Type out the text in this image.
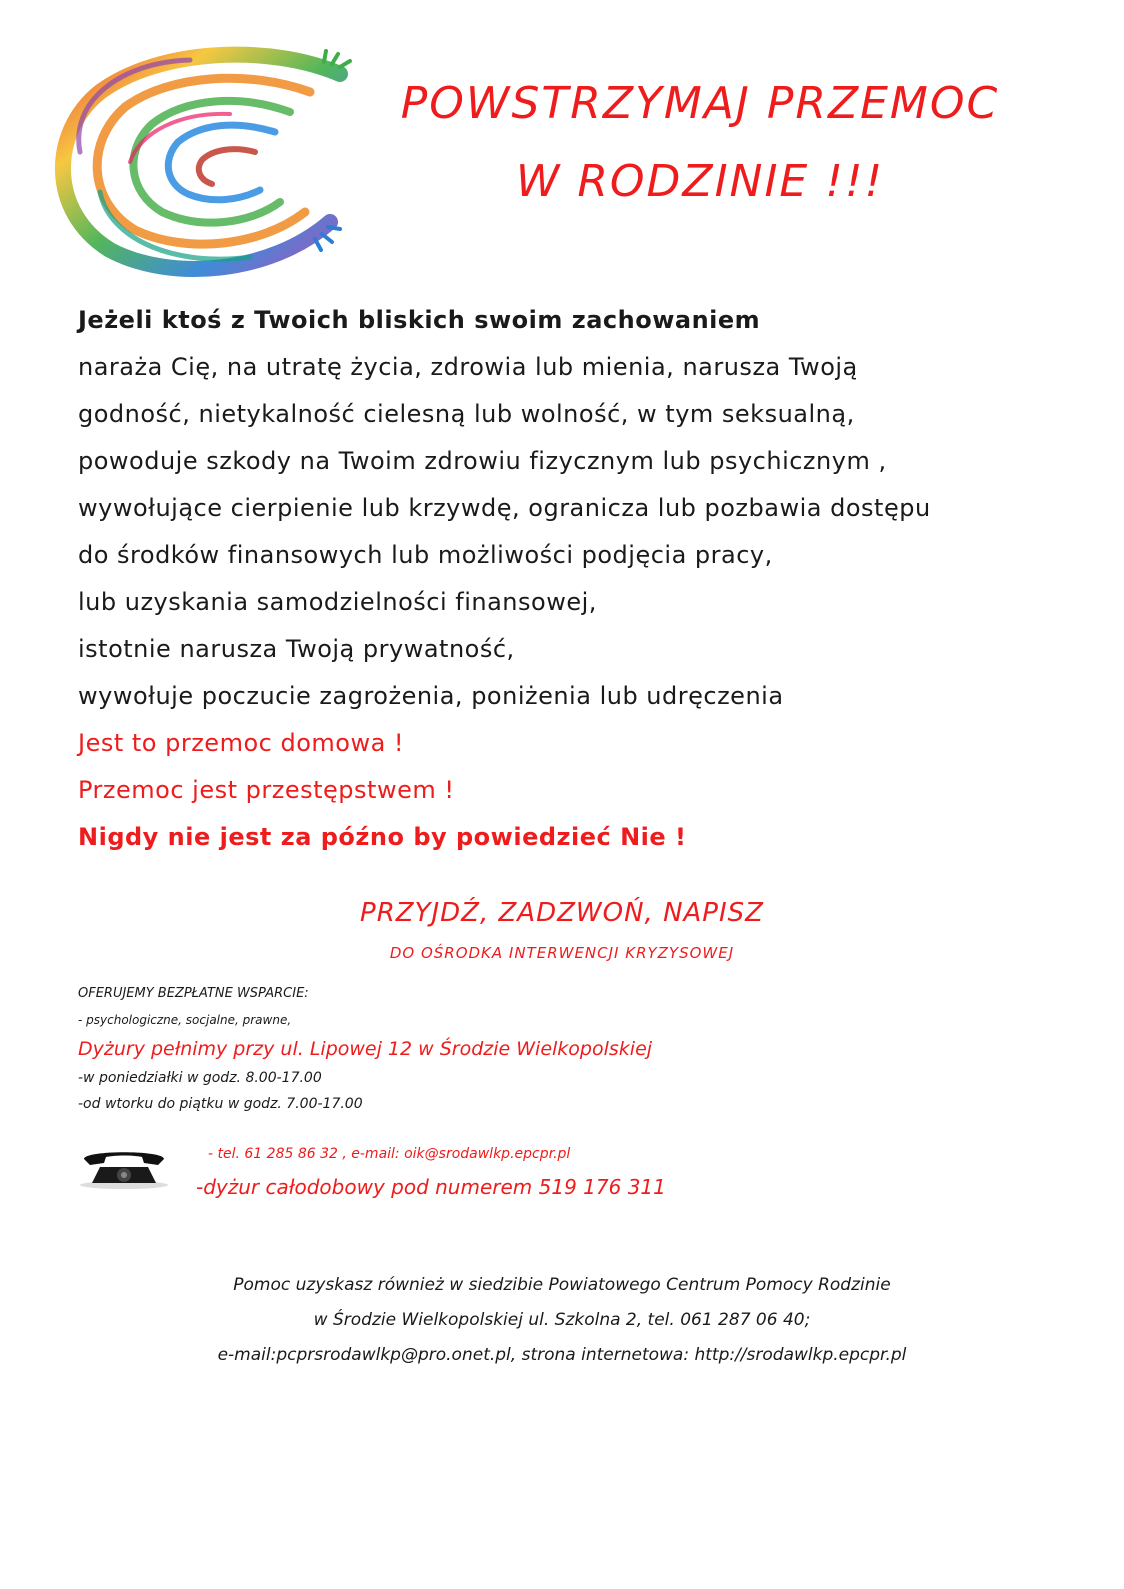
POWSTRZYMAJ PRZEMOC
W RODZINIE !!!
Jeżeli ktoś z Twoich bliskich swoim zachowaniem
naraża Cię, na utratę życia, zdrowia lub mienia, narusza Twoją
godność, nietykalność cielesną lub wolność, w tym seksualną,
powoduje szkody na Twoim zdrowiu fizycznym lub psychicznym ,
wywołujące cierpienie lub krzywdę, ogranicza lub pozbawia dostępu
do środków finansowych lub możliwości podjęcia pracy,
lub uzyskania samodzielności finansowej,
istotnie narusza Twoją prywatność,
wywołuje poczucie zagrożenia, poniżenia lub udręczenia
Jest to przemoc domowa !
Przemoc jest przestępstwem !
Nigdy nie jest za późno by powiedzieć Nie !
PRZYJDŹ, ZADZWOŃ, NAPISZ
DO OŚRODKA INTERWENCJI KRYZYSOWEJ
OFERUJEMY BEZPŁATNE WSPARCIE:
- psychologiczne, socjalne, prawne,
Dyżury pełnimy przy ul. Lipowej 12 w Środzie Wielkopolskiej
-w poniedziałki w godz. 8.00-17.00
-od wtorku do piątku w godz. 7.00-17.00
- tel. 61 285 86 32 , e-mail: oik@srodawlkp.epcpr.pl
-dyżur całodobowy pod numerem 519 176 311
Pomoc uzyskasz również w siedzibie Powiatowego Centrum Pomocy Rodzinie
w Środzie Wielkopolskiej ul. Szkolna 2, tel. 061 287 06 40;
e-mail:pcprsrodawlkp@pro.onet.pl, strona internetowa: http://srodawlkp.epcpr.pl
